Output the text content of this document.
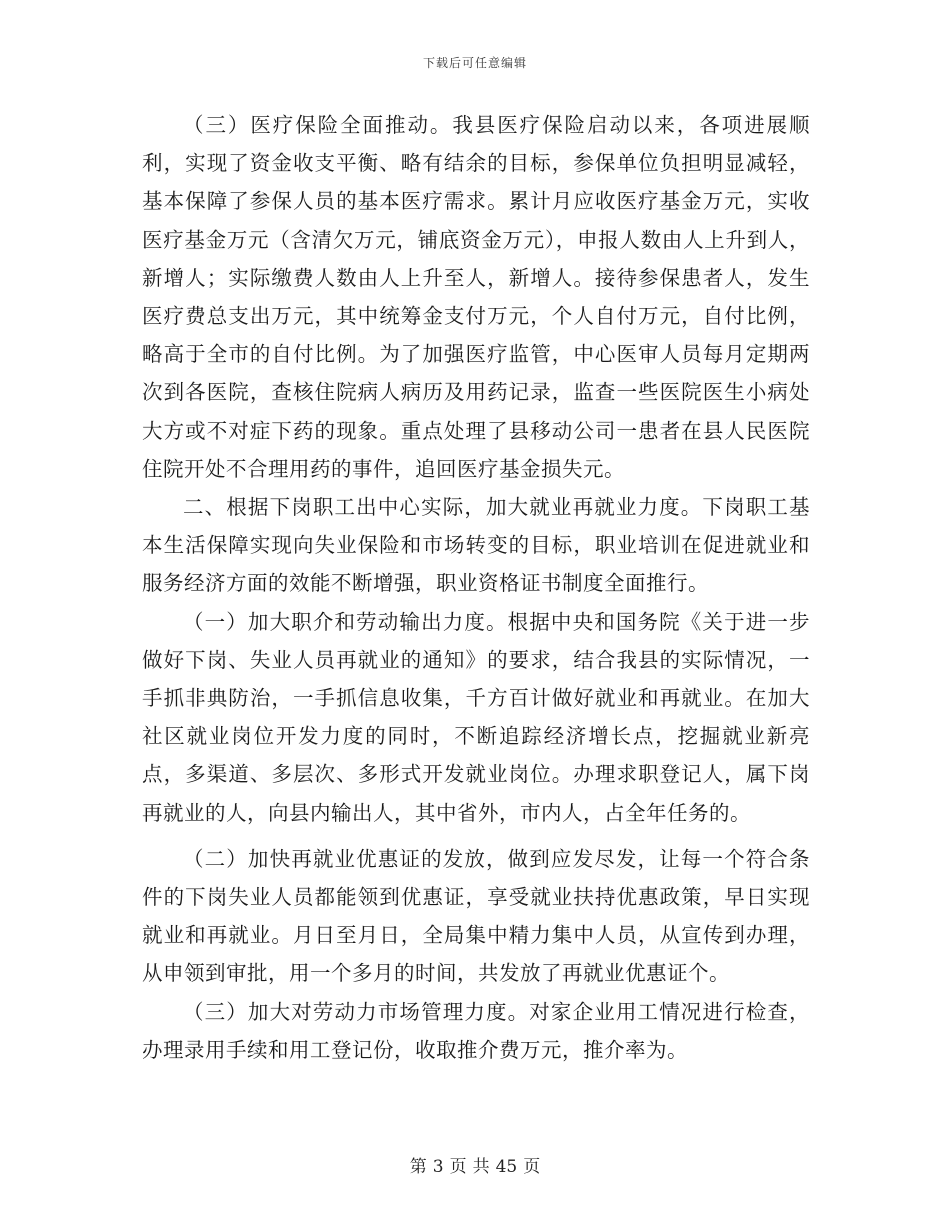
下载后可任意编辑

（三）医疗保险全面推动。我县医疗保险启动以来，各项进展顺利，实现了资金收支平衡、略有结余的目标，参保单位负担明显减轻，基本保障了参保人员的基本医疗需求。累计月应收医疗基金万元，实收医疗基金万元（含清欠万元，铺底资金万元），申报人数由人上升到人，新增人；实际缴费人数由人上升至人，新增人。接待参保患者人，发生医疗费总支出万元，其中统筹金支付万元，个人自付万元，自付比例，略高于全市的自付比例。为了加强医疗监管，中心医审人员每月定期两次到各医院，查核住院病人病历及用药记录，监查一些医院医生小病处大方或不对症下药的现象。重点处理了县移动公司一患者在县人民医院住院开处不合理用药的事件，追回医疗基金损失元。

二、根据下岗职工出中心实际，加大就业再就业力度。下岗职工基本生活保障实现向失业保险和市场转变的目标，职业培训在促进就业和服务经济方面的效能不断增强，职业资格证书制度全面推行。

（一）加大职介和劳动输出力度。根据中央和国务院《关于进一步做好下岗、失业人员再就业的通知》的要求，结合我县的实际情况，一手抓非典防治，一手抓信息收集，千方百计做好就业和再就业。在加大社区就业岗位开发力度的同时，不断追踪经济增长点，挖掘就业新亮点，多渠道、多层次、多形式开发就业岗位。办理求职登记人，属下岗再就业的人，向县内输出人，其中省外，市内人，占全年任务的。

（二）加快再就业优惠证的发放，做到应发尽发，让每一个符合条件的下岗失业人员都能领到优惠证，享受就业扶持优惠政策，早日实现就业和再就业。月日至月日，全局集中精力集中人员，从宣传到办理，从申领到审批，用一个多月的时间，共发放了再就业优惠证个。

（三）加大对劳动力市场管理力度。对家企业用工情况进行检查，办理录用手续和用工登记份，收取推介费万元，推介率为。

第 3 页 共 45 页
